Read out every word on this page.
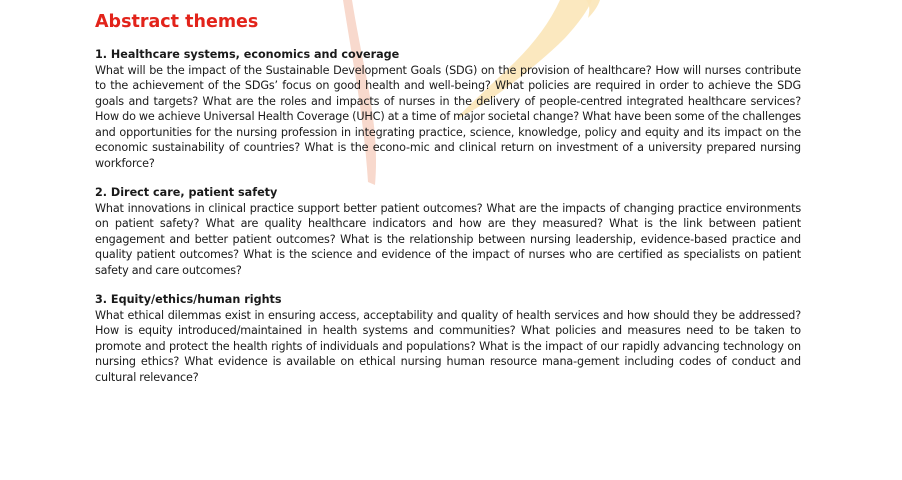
Abstract themes

1. Healthcare systems, economics and coverage

What will be the impact of the Sustainable Development Goals (SDG) on the provision of healthcare? How will nurses contribute to the achievement of the SDGs’ focus on good health and well-being? What policies are required in order to achieve the SDG goals and targets? What are the roles and impacts of nurses in the delivery of people-centred integrated healthcare services? How do we achieve Universal Health Coverage (UHC) at a time of major societal change? What have been some of the challenges and opportunities for the nursing profession in integrating practice, science, knowledge, policy and equity and its impact on the economic sustainability of countries? What is the econo-mic and clinical return on investment of a university prepared nursing workforce?

2. Direct care, patient safety

What innovations in clinical practice support better patient outcomes? What are the impacts of changing practice environments on patient safety? What are quality healthcare indicators and how are they measured? What is the link between patient engagement and better patient outcomes? What is the relationship between nursing leadership, evidence-based practice and quality patient outcomes? What is the science and evidence of the impact of nurses who are certified as specialists on patient safety and care outcomes?

3. Equity/ethics/human rights

What ethical dilemmas exist in ensuring access, acceptability and quality of health services and how should they be addressed? How is equity introduced/maintained in health systems and communities? What policies and measures need to be taken to promote and protect the health rights of individuals and populations? What is the impact of our rapidly advancing technology on nursing ethics? What evidence is available on ethical nursing human resource mana-gement including codes of conduct and cultural relevance?
